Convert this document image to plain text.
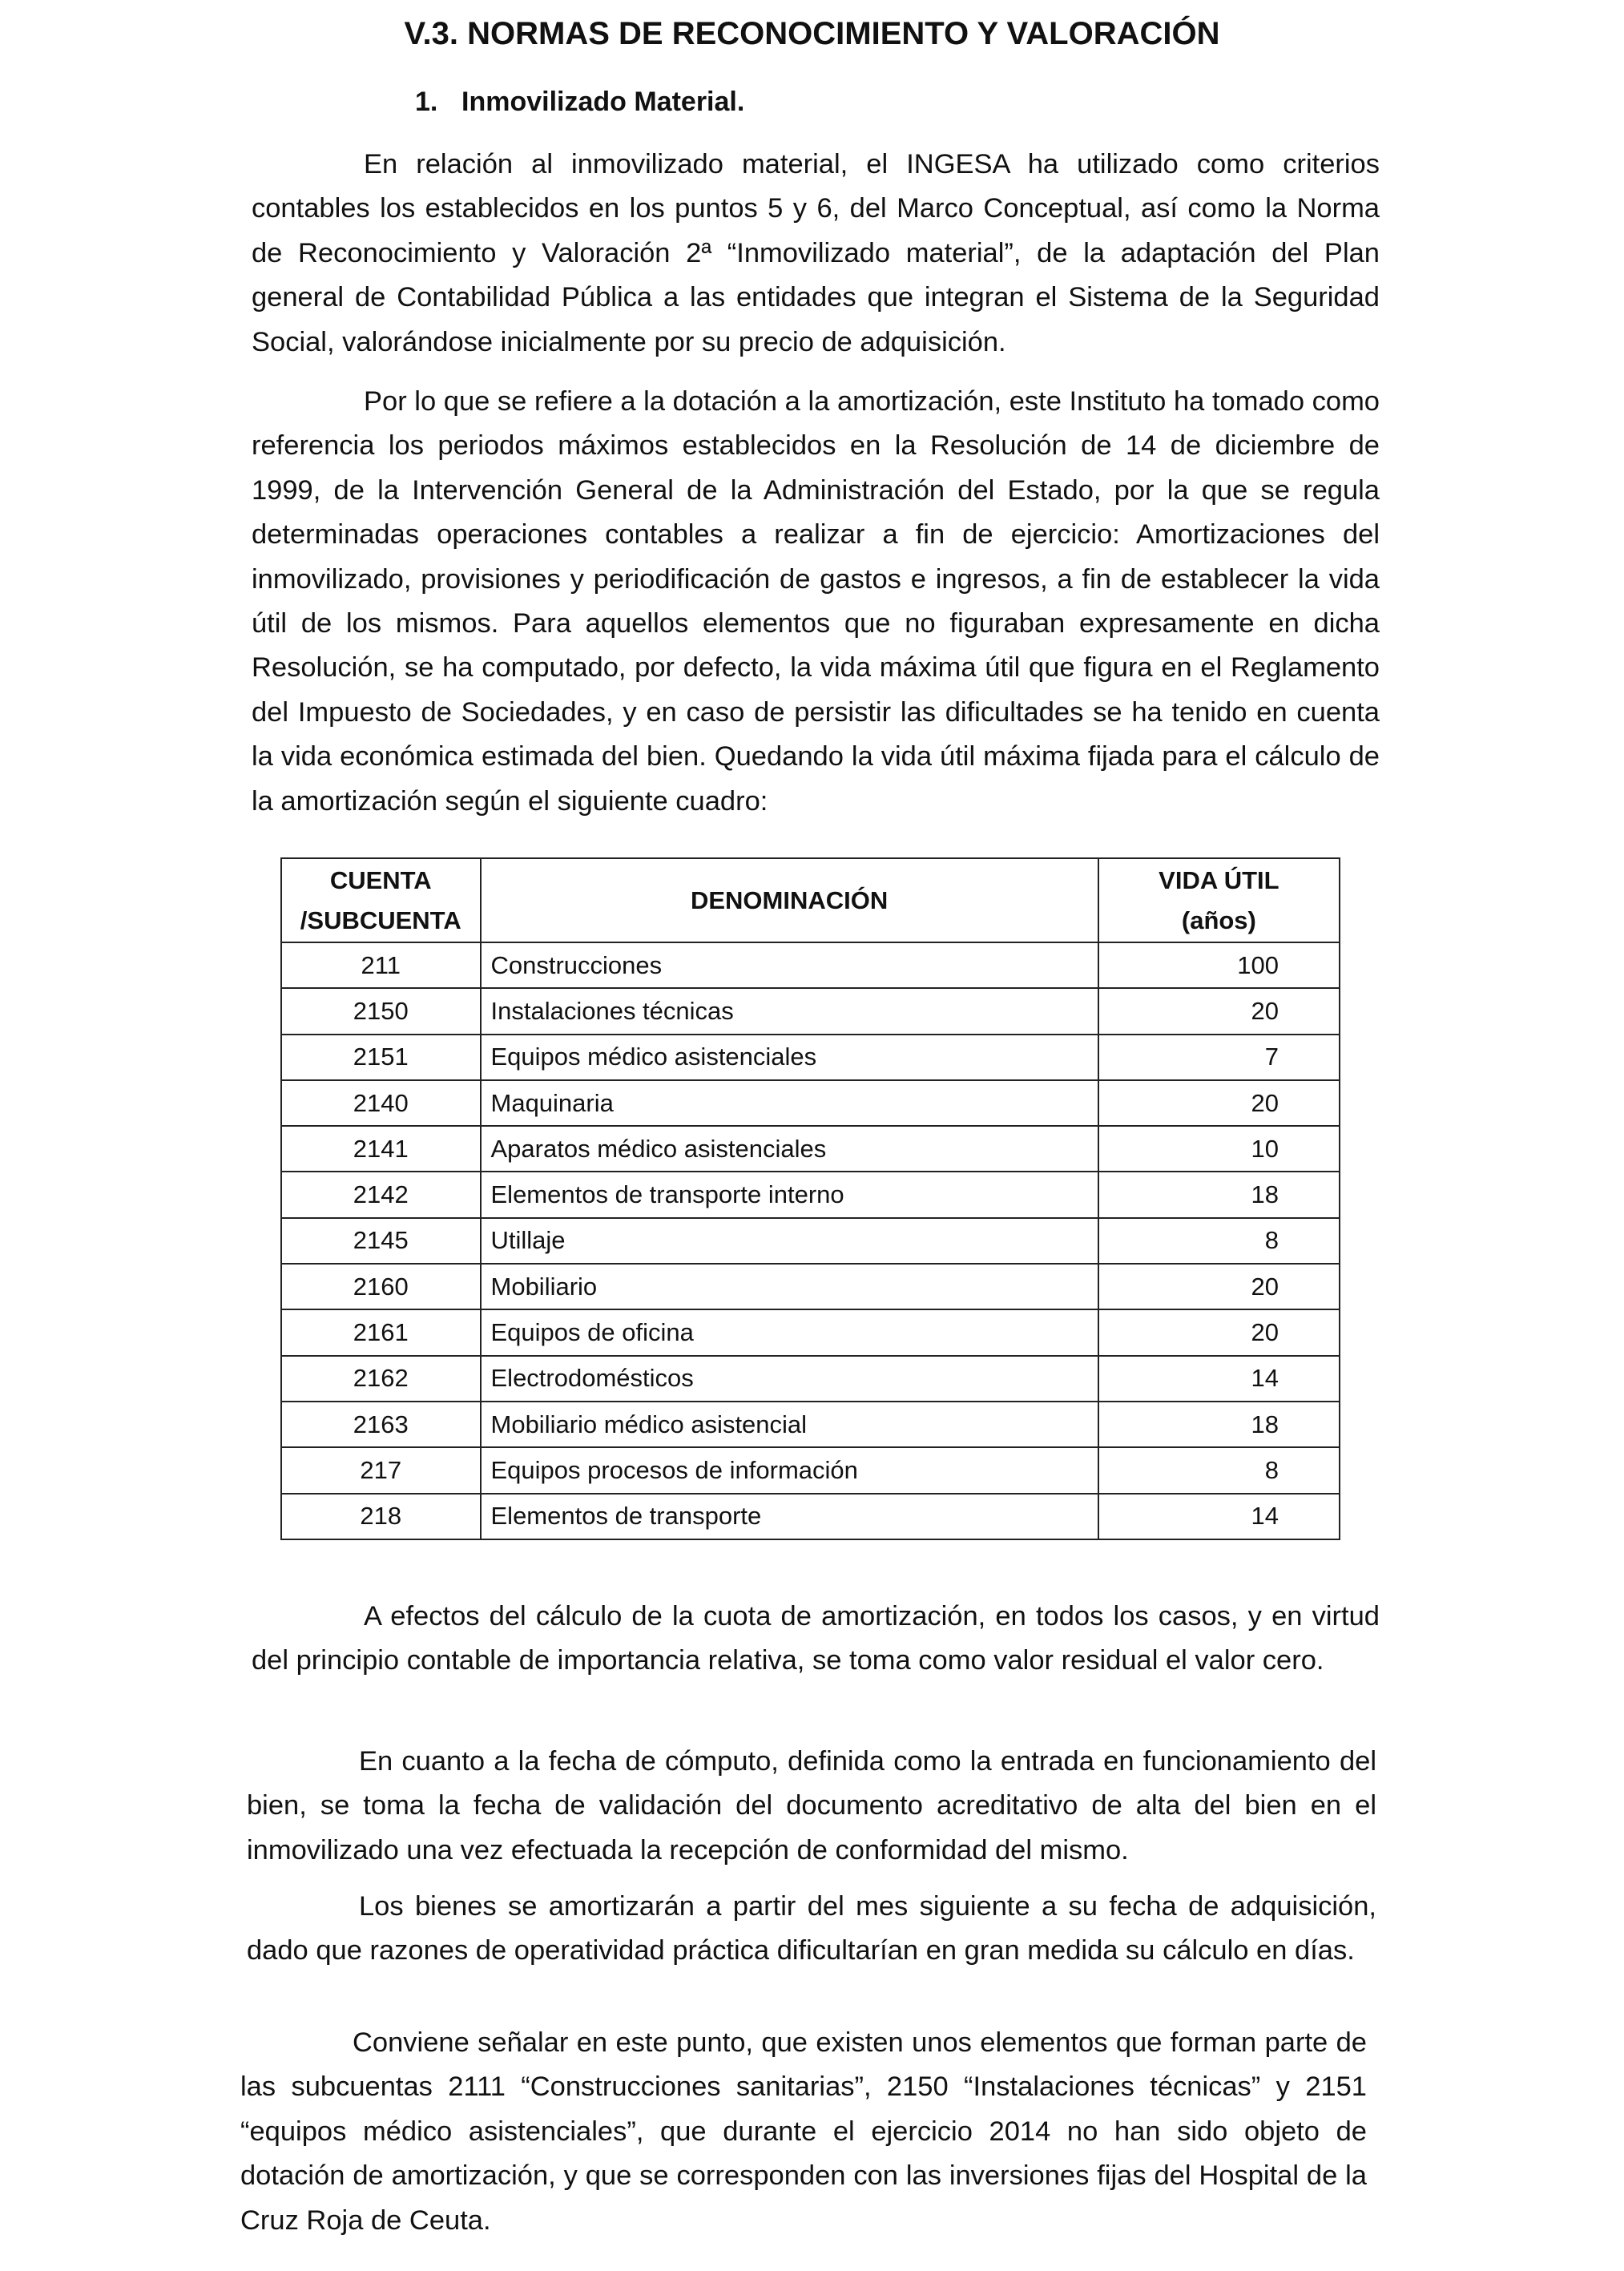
V.3. NORMAS DE RECONOCIMIENTO Y VALORACIÓN
1. Inmovilizado Material.

En relación al inmovilizado material, el INGESA ha utilizado como criterios contables los establecidos en los puntos 5 y 6, del Marco Conceptual, así como la Norma de Reconocimiento y Valoración 2ª “Inmovilizado material”, de la adaptación del Plan general de Contabilidad Pública a las entidades que integran el Sistema de la Seguridad Social, valorándose inicialmente por su precio de adquisición.

Por lo que se refiere a la dotación a la amortización, este Instituto ha tomado como referencia los periodos máximos establecidos en la Resolución de 14 de diciembre de 1999, de la Intervención General de la Administración del Estado, por la que se regula determinadas operaciones contables a realizar a fin de ejercicio: Amortizaciones del inmovilizado, provisiones y periodificación de gastos e ingresos, a fin de establecer la vida útil de los mismos. Para aquellos elementos que no figuraban expresamente en dicha Resolución, se ha computado, por defecto, la vida máxima útil que figura en el Reglamento del Impuesto de Sociedades, y en caso de persistir las dificultades se ha tenido en cuenta la vida económica estimada del bien. Quedando la vida útil máxima fijada para el cálculo de la amortización según el siguiente cuadro:

CUENTA
/SUBCUENTA	DENOMINACIÓN	VIDA ÚTIL
(años)
211	Construcciones	100
2150	Instalaciones técnicas	20
2151	Equipos médico asistenciales	7
2140	Maquinaria	20
2141	Aparatos médico asistenciales	10
2142	Elementos de transporte interno	18
2145	Utillaje	8
2160	Mobiliario	20
2161	Equipos de oficina	20
2162	Electrodomésticos	14
2163	Mobiliario médico asistencial	18
217	Equipos procesos de información	8
218	Elementos de transporte	14

A efectos del cálculo de la cuota de amortización, en todos los casos, y en virtud del principio contable de importancia relativa, se toma como valor residual el valor cero.

En cuanto a la fecha de cómputo, definida como la entrada en funcionamiento del bien, se toma la fecha de validación del documento acreditativo de alta del bien en el inmovilizado una vez efectuada la recepción de conformidad del mismo.

Los bienes se amortizarán a partir del mes siguiente a su fecha de adquisición, dado que razones de operatividad práctica dificultarían en gran medida su cálculo en días.

Conviene señalar en este punto, que existen unos elementos que forman parte de las subcuentas 2111 “Construcciones sanitarias”, 2150 “Instalaciones técnicas” y 2151 “equipos médico asistenciales”, que durante el ejercicio 2014 no han sido objeto de dotación de amortización, y que se corresponden con las inversiones fijas del Hospital de la Cruz Roja de Ceuta.
